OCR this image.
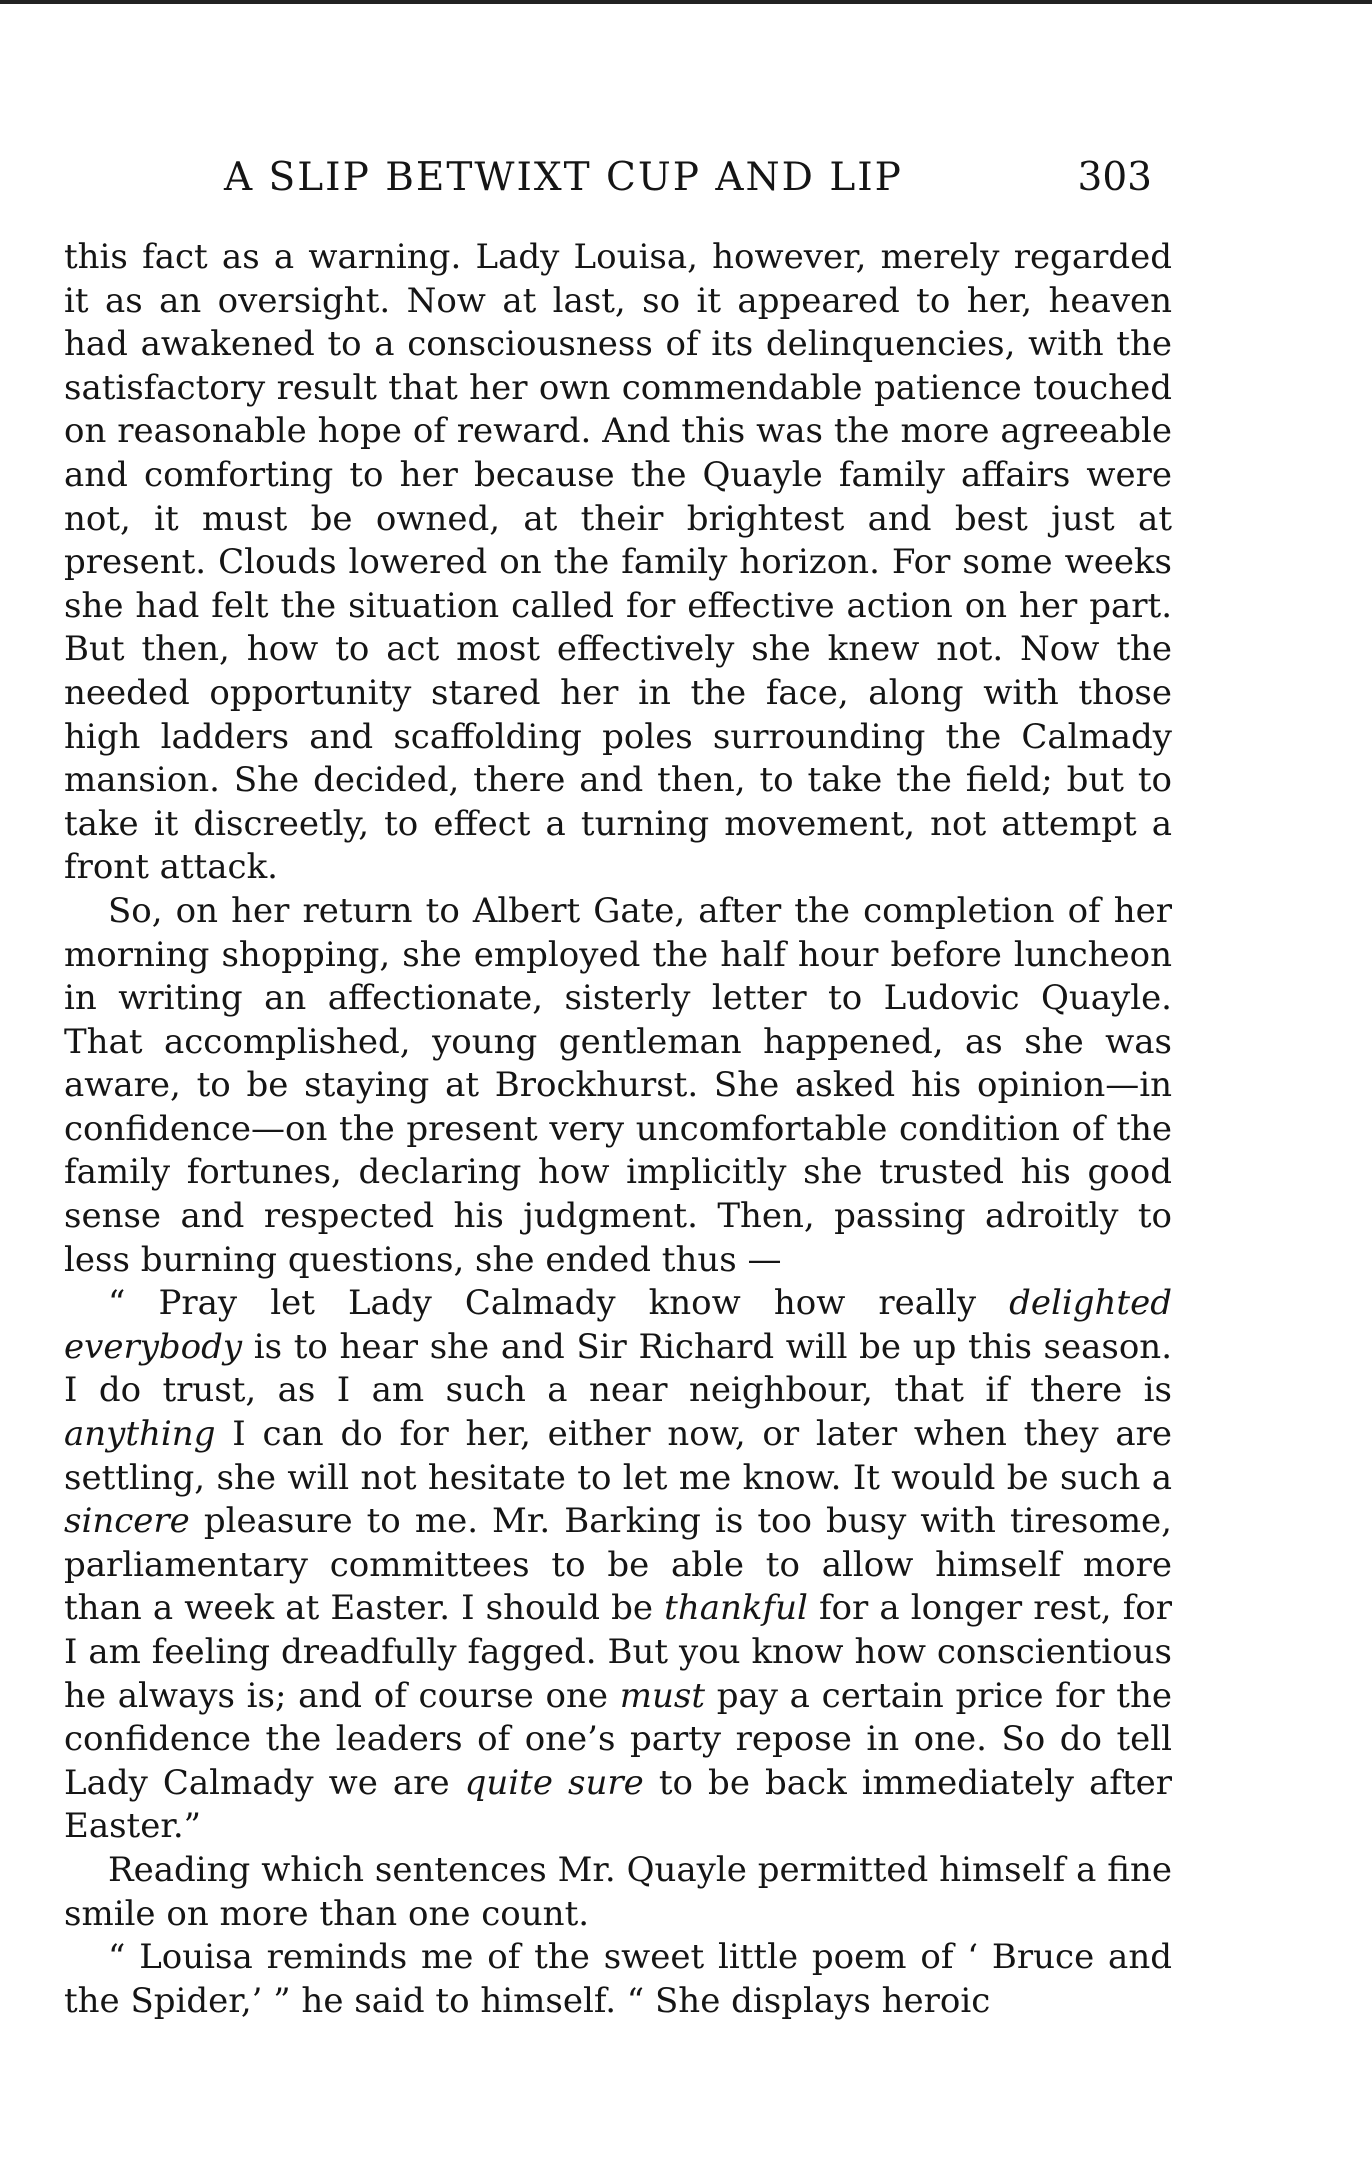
A SLIP BETWIXT CUP AND LIP	303

this fact as a warning. Lady Louisa, however, merely regarded it as an oversight. Now at last, so it appeared to her, heaven had awakened to a consciousness of its delinquencies, with the satisfactory result that her own commendable patience touched on reasonable hope of reward. And this was the more agreeable and comforting to her because the Quayle family affairs were not, it must be owned, at their brightest and best just at present. Clouds lowered on the family horizon. For some weeks she had felt the situation called for effective action on her part. But then, how to act most effectively she knew not. Now the needed opportunity stared her in the face, along with those high ladders and scaffolding poles surrounding the Calmady mansion. She decided, there and then, to take the field; but to take it discreetly, to effect a turning movement, not attempt a front attack.

So, on her return to Albert Gate, after the completion of her morning shopping, she employed the half hour before luncheon in writing an affectionate, sisterly letter to Ludovic Quayle. That accomplished, young gentleman happened, as she was aware, to be staying at Brockhurst. She asked his opinion—in confidence—on the present very uncomfortable condition of the family fortunes, declaring how implicitly she trusted his good sense and respected his judgment. Then, passing adroitly to less burning questions, she ended thus —

“ Pray let Lady Calmady know how really delighted everybody is to hear she and Sir Richard will be up this season. I do trust, as I am such a near neighbour, that if there is anything I can do for her, either now, or later when they are settling, she will not hesitate to let me know. It would be such a sincere pleasure to me. Mr. Barking is too busy with tiresome, parliamentary committees to be able to allow himself more than a week at Easter. I should be thankful for a longer rest, for I am feeling dreadfully fagged. But you know how conscientious he always is; and of course one must pay a certain price for the confidence the leaders of one’s party repose in one. So do tell Lady Calmady we are quite sure to be back immediately after Easter.”

Reading which sentences Mr. Quayle permitted himself a fine smile on more than one count.

“ Louisa reminds me of the sweet little poem of ‘ Bruce and the Spider,’ ” he said to himself. “ She displays heroic
